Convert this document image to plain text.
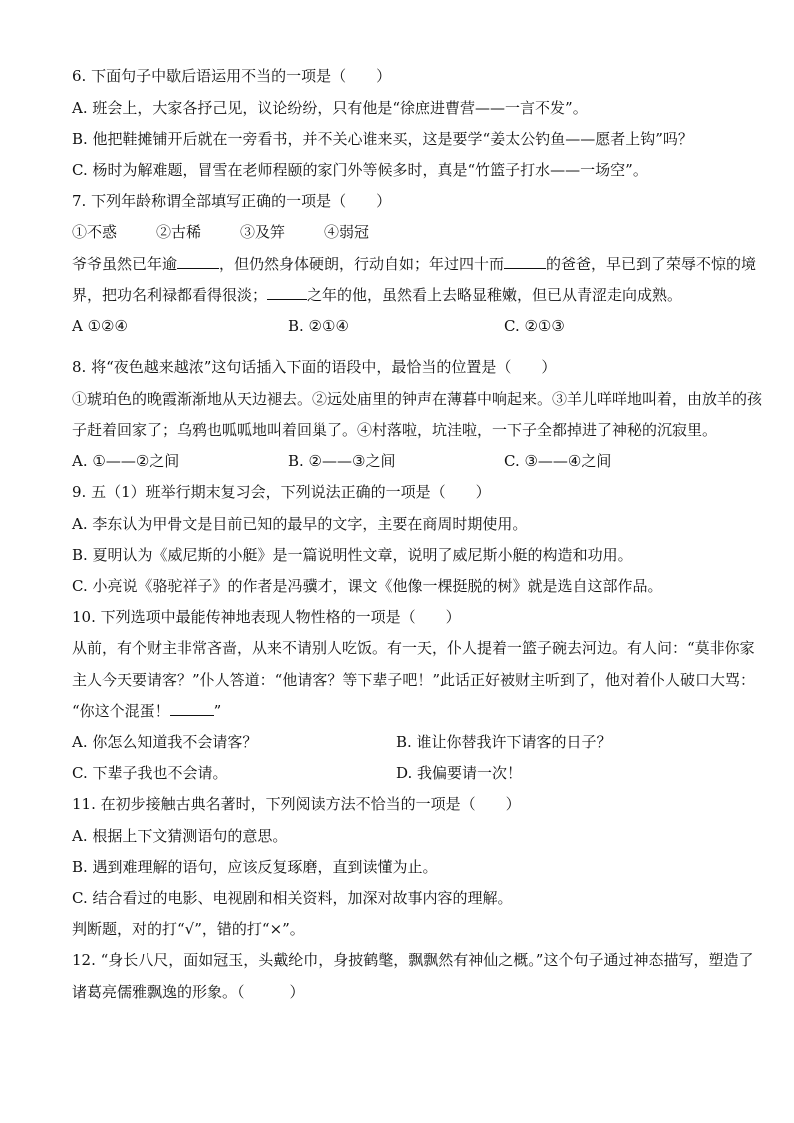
6. 下面句子中歇后语运用不当的一项是（　　）
A. 班会上，大家各抒己见，议论纷纷，只有他是“徐庶进曹营——一言不发”。
B. 他把鞋摊铺开后就在一旁看书，并不关心谁来买，这是要学“姜太公钓鱼——愿者上钩”吗？
C. 杨时为解难题，冒雪在老师程颐的家门外等候多时，真是“竹篮子打水——一场空”。
7. 下列年龄称谓全部填写正确的一项是（　　）
①不惑	②古稀	③及笄	④弱冠
爷爷虽然已年逾	，但仍然身体硬朗，行动自如；年过四十而	的爸爸，早已到了荣辱不惊的境
界，把功名利禄都看得很淡；	之年的他，虽然看上去略显稚嫩，但已从青涩走向成熟。
A ①②④	B. ②①④	C. ②①③
8. 将“夜色越来越浓”这句话插入下面的语段中，最恰当的位置是（　　）
①琥珀色的晚霞渐渐地从天边褪去。②远处庙里的钟声在薄暮中响起来。③羊儿咩咩地叫着，由放羊的孩
子赶着回家了；乌鸦也呱呱地叫着回巢了。④村落啦，坑洼啦，一下子全都掉进了神秘的沉寂里。
A. ①——②之间	B. ②——③之间	C. ③——④之间
9. 五（1）班举行期末复习会，下列说法正确的一项是（　　）
A. 李东认为甲骨文是目前已知的最早的文字，主要在商周时期使用。
B. 夏明认为《威尼斯的小艇》是一篇说明性文章，说明了威尼斯小艇的构造和功用。
C. 小亮说《骆驼祥子》的作者是冯骥才，课文《他像一棵挺脱的树》就是选自这部作品。
10. 下列选项中最能传神地表现人物性格的一项是（　　）
从前，有个财主非常吝啬，从来不请别人吃饭。有一天，仆人提着一篮子碗去河边。有人问：“莫非你家
主人今天要请客？”仆人答道：“他请客？等下辈子吧！”此话正好被财主听到了，他对着仆人破口大骂：
“你这个混蛋！	”
A. 你怎么知道我不会请客？	B. 谁让你替我许下请客的日子？
C. 下辈子我也不会请。	D. 我偏要请一次！
11. 在初步接触古典名著时，下列阅读方法不恰当的一项是（　　）
A. 根据上下文猜测语句的意思。
B. 遇到难理解的语句，应该反复琢磨，直到读懂为止。
C. 结合看过的电影、电视剧和相关资料，加深对故事内容的理解。
判断题，对的打“√”，错的打“×”。
12. “身长八尺，面如冠玉，头戴纶巾，身披鹤氅，飘飘然有神仙之概。”这个句子通过神态描写，塑造了
诸葛亮儒雅飘逸的形象。（　　　）
